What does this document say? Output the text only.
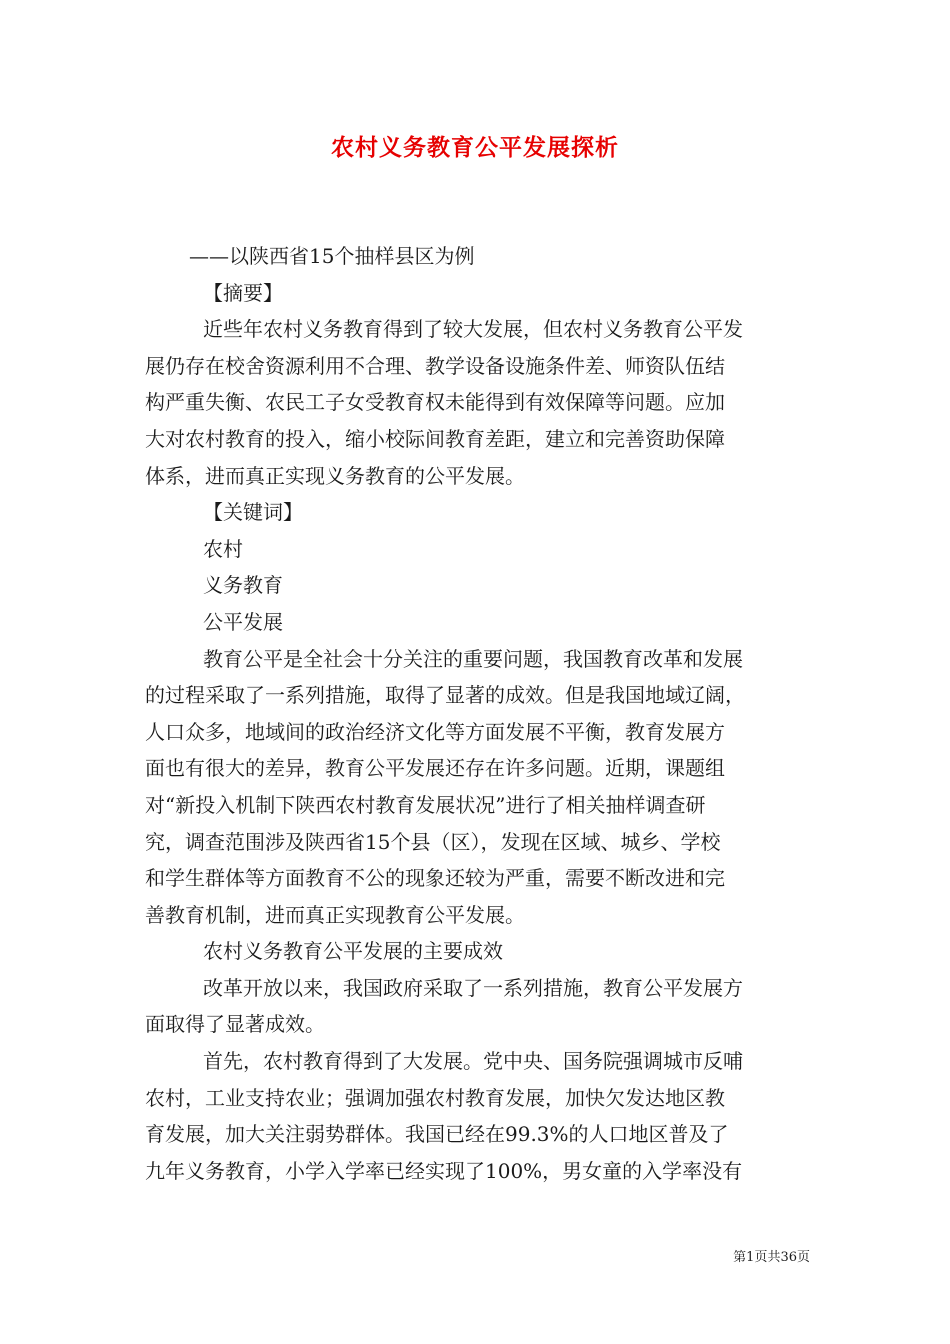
农村义务教育公平发展探析
——以陕西省15个抽样县区为例
【摘要】
近些年农村义务教育得到了较大发展，但农村义务教育公平发
展仍存在校舍资源利用不合理、教学设备设施条件差、师资队伍结
构严重失衡、农民工子女受教育权未能得到有效保障等问题。应加
大对农村教育的投入，缩小校际间教育差距，建立和完善资助保障
体系，进而真正实现义务教育的公平发展。
【关键词】
农村
义务教育
公平发展
教育公平是全社会十分关注的重要问题，我国教育改革和发展
的过程采取了一系列措施，取得了显著的成效。但是我国地域辽阔，
人口众多，地域间的政治经济文化等方面发展不平衡，教育发展方
面也有很大的差异，教育公平发展还存在许多问题。近期，课题组
对“新投入机制下陕西农村教育发展状况”进行了相关抽样调查研
究，调查范围涉及陕西省15个县（区），发现在区域、城乡、学校
和学生群体等方面教育不公的现象还较为严重，需要不断改进和完
善教育机制，进而真正实现教育公平发展。
农村义务教育公平发展的主要成效
改革开放以来，我国政府采取了一系列措施，教育公平发展方
面取得了显著成效。
首先，农村教育得到了大发展。党中央、国务院强调城市反哺
农村，工业支持农业；强调加强农村教育发展，加快欠发达地区教
育发展，加大关注弱势群体。我国已经在99.3%的人口地区普及了
九年义务教育，小学入学率已经实现了100%，男女童的入学率没有
第1页共36页
